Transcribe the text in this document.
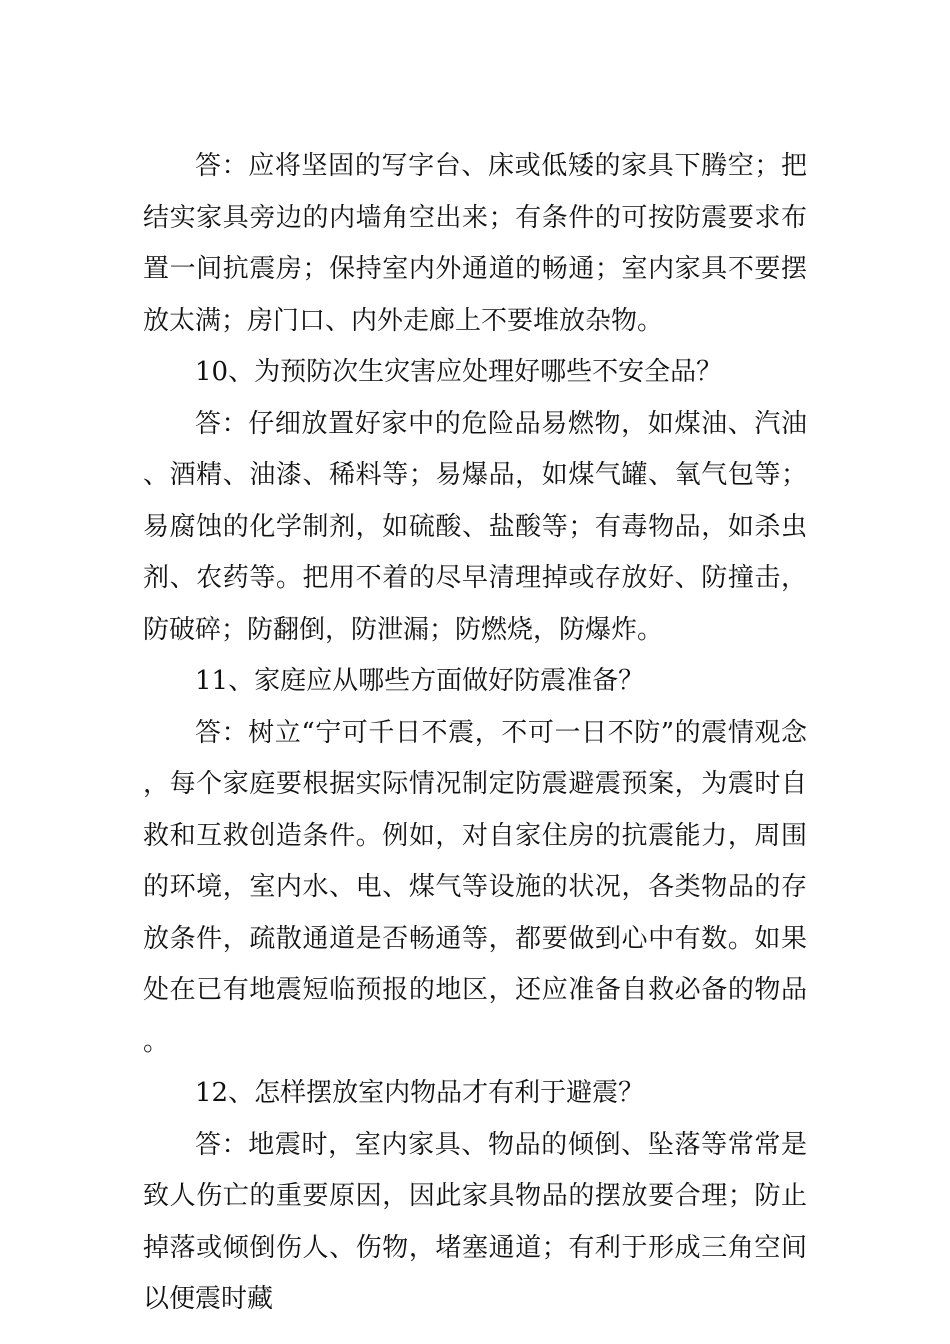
答：应将坚固的写字台、床或低矮的家具下腾空；把结实家具旁边的内墙角空出来；有条件的可按防震要求布置一间抗震房；保持室内外通道的畅通；室内家具不要摆放太满；房门口、内外走廊上不要堆放杂物。

10、为预防次生灾害应处理好哪些不安全品？

答：仔细放置好家中的危险品易燃物，如煤油、汽油、酒精、油漆、稀料等；易爆品，如煤气罐、氧气包等；易腐蚀的化学制剂，如硫酸、盐酸等；有毒物品，如杀虫剂、农药等。把用不着的尽早清理掉或存放好、防撞击，防破碎；防翻倒，防泄漏；防燃烧，防爆炸。

11、家庭应从哪些方面做好防震准备？

答：树立“宁可千日不震，不可一日不防”的震情观念，每个家庭要根据实际情况制定防震避震预案，为震时自救和互救创造条件。例如，对自家住房的抗震能力，周围的环境，室内水、电、煤气等设施的状况，各类物品的存放条件，疏散通道是否畅通等，都要做到心中有数。如果处在已有地震短临预报的地区，还应准备自救必备的物品。

12、怎样摆放室内物品才有利于避震？

答：地震时，室内家具、物品的倾倒、坠落等常常是致人伤亡的重要原因，因此家具物品的摆放要合理；防止掉落或倾倒伤人、伤物，堵塞通道；有利于形成三角空间以便震时藏
